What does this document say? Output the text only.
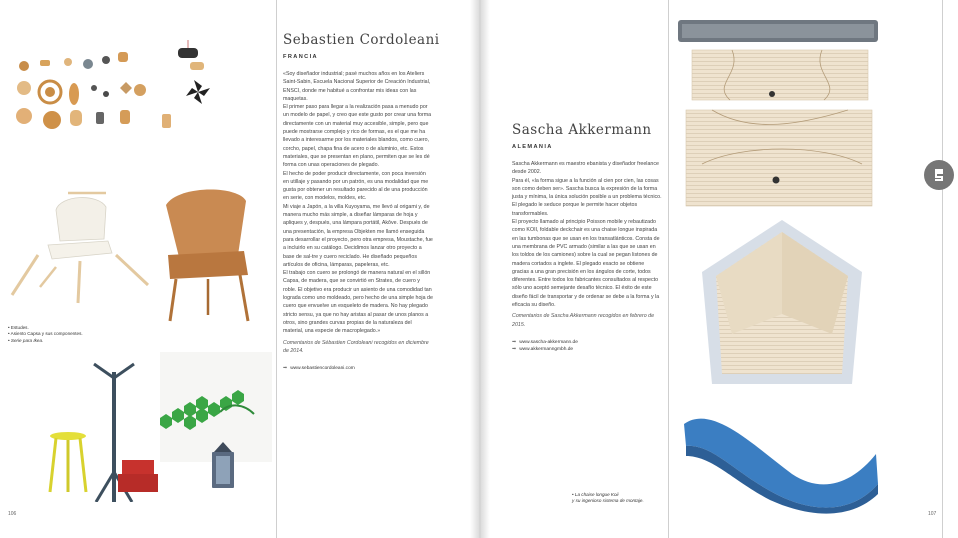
• Estudes.
• Asiento Capsa y sus componentes.
• Serie para Ikea.
Sebastien Cordoleani
FRANCIA

«Soy diseñador industrial; pasé muchos años en los Ateliers Saint-Sabin, Escuela Nacional Superior de Creación Industrial, ENSCI, donde me habitué a confrontar mis ideas con las maquetas.

El primer paso para llegar a la realización pasa a menudo por un modelo de papel, y creo que este gusto por crear una forma directamente con un material muy accesible, simple, pero que puede mostrarse complejo y rico de formas, es el que me ha llevado a interesarme por los materiales blandos, como cuero, corcho, papel, chapa fina de acero o de aluminio, etc. Estos materiales, que se presentan en plano, permiten que se les dé forma con unas operaciones de plegado.

El hecho de poder producir directamente, con poca inversión en utillaje y pasando por un patrón, es una modalidad que me gusta por obtener un resultado parecido al de una producción en serie, con modelos, moldes, etc.

Mi viaje a Japón, a la villa Kuyoyama, me llevó al origami y, de manera mucho más simple, a diseñar lámparas de hoja y apliques y, después, una lámpara portátil, Akôve. Después de una presentación, la empresa Objekten me llamó enseguida para desarrollar el proyecto, pero otra empresa, Moustache, fue a incluirlo en su catálogo. Decidimos lanzar otro proyecto a base de sal-tre y cuero reciclado. He diseñado pequeños artículos de oficina, lámparas, papeleras, etc.

El trabajo con cuero se prolongó de manera natural en el sillón Capsa, de madera, que se convirtió en Strates, de cuero y roble. El objetivo era producir un asiento de una comodidad tan lograda como uno moldeado, pero hecho de una simple hoja de cuero que envuelve un esqueleto de madera. No hay plegado stricto sensu, ya que no hay aristas al pasar de unos planos a otros, sino grandes curvas propias de la naturaleza del material, una especie de macroplegado.»

Comentarios de Sébastien Cordoleani recogidos en diciembre de 2014.
➡ www.sebastiencordoleani.com
106
Sascha Akkermann
ALEMANIA

Sascha Akkermann es maestro ebanista y diseñador freelance desde 2002.

Para él, «la forma sigue a la función al cien por cien, las cosas son como deben ser». Sascha busca la expresión de la forma justa y mínima, la única solución posible a un problema técnico. El plegado le seduce porque le permite hacer objetos transformables.

El proyecto llamado al principio Poisson mobile y rebautizado como KOII, foldable deckchair es una chaise longue inspirada en las tumbonas que se usan en los transatlánticos. Consta de una membrana de PVC armado (similar a las que se usan en los toldos de los camiones) sobre la cual se pegan listones de madera cortados a inglete. El plegado exacto se obtiene gracias a una gran precisión en los ángulos de corte, todos diferentes. Entre todos los fabricantes consultados al respecto sólo uno aceptó semejante desafío técnico. El éxito de este diseño fácil de transportar y de ordenar se debe a la forma y la eficacia su diseño.

Comentarios de Sascha Akkermann recogidos en febrero de 2015.
➡ www.sascha-akkermann.de
➡ www.akkermanngmbh.de
• La chaise longue Koii
y su ingenioso sistema de montaje.
107
